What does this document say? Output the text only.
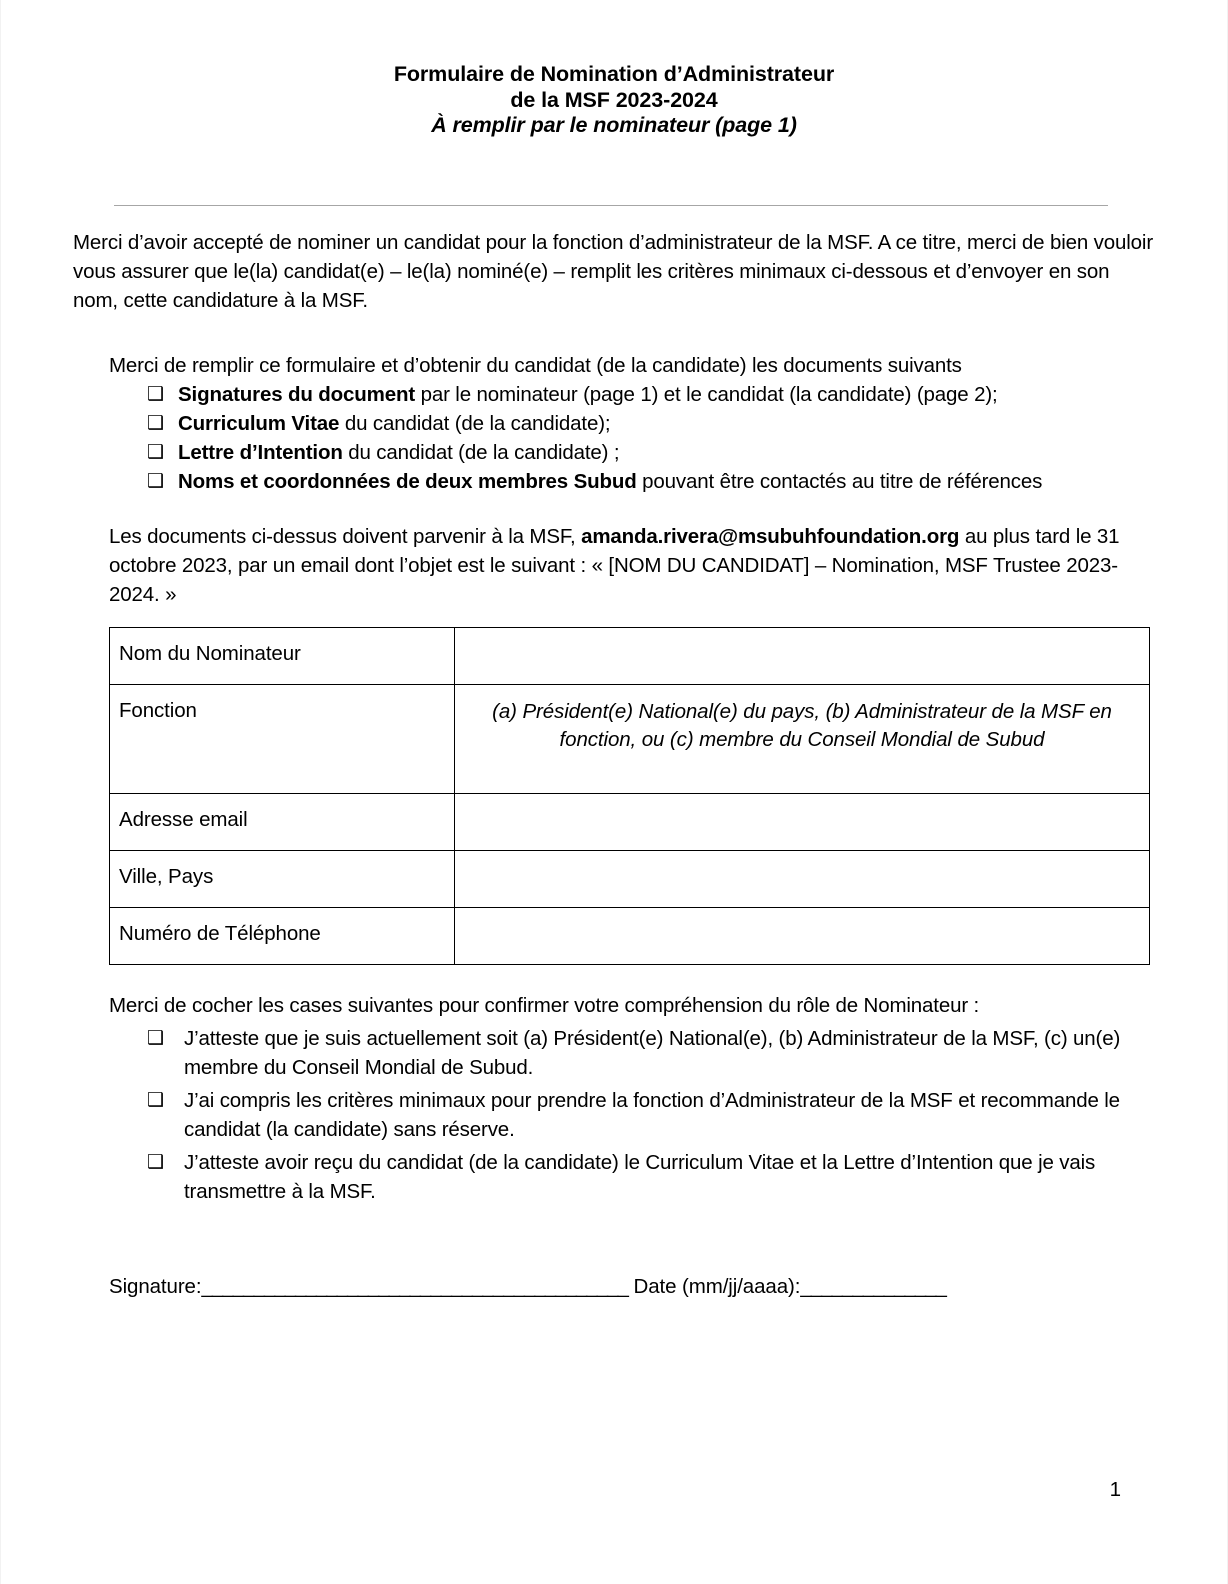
Formulaire de Nomination d’Administrateur
de la MSF 2023-2024
À remplir par le nominateur (page 1)

Merci d’avoir accepté de nominer un candidat pour la fonction d’administrateur de la MSF. A ce titre, merci de bien vouloir vous assurer que le(la) candidat(e) – le(la) nominé(e) – remplit les critères minimaux ci-dessous et d’envoyer en son nom, cette candidature à la MSF.

Merci de remplir ce formulaire et d’obtenir du candidat (de la candidate) les documents suivants
❑ Signatures du document par le nominateur (page 1) et le candidat (la candidate) (page 2);
❑ Curriculum Vitae du candidat (de la candidate);
❑ Lettre d’Intention du candidat (de la candidate) ;
❑ Noms et coordonnées de deux membres Subud pouvant être contactés au titre de références
Les documents ci-dessus doivent parvenir à la MSF, amanda.rivera@msubuhfoundation.org au plus tard le 31 octobre 2023, par un email dont l’objet est le suivant : « [NOM DU CANDIDAT] – Nomination, MSF Trustee 2023-2024. »
Nom du Nominateur	
Fonction	(a) Président(e) National(e) du pays, (b) Administrateur de la MSF en fonction, ou (c) membre du Conseil Mondial de Subud

Adresse email	
Ville, Pays	
Numéro de Téléphone	
Merci de cocher les cases suivantes pour confirmer votre compréhension du rôle de Nominateur :
❑ J’atteste que je suis actuellement soit (a) Président(e) National(e), (b) Administrateur de la MSF, (c) un(e) membre du Conseil Mondial de Subud.
❑ J’ai compris les critères minimaux pour prendre la fonction d’Administrateur de la MSF et recommande le candidat (la candidate) sans réserve.
❑ J’atteste avoir reçu du candidat (de la candidate) le Curriculum Vitae et la Lettre d’Intention que je vais transmettre à la MSF.
Signature:_________________________________________ Date (mm/jj/aaaa):______________
1
